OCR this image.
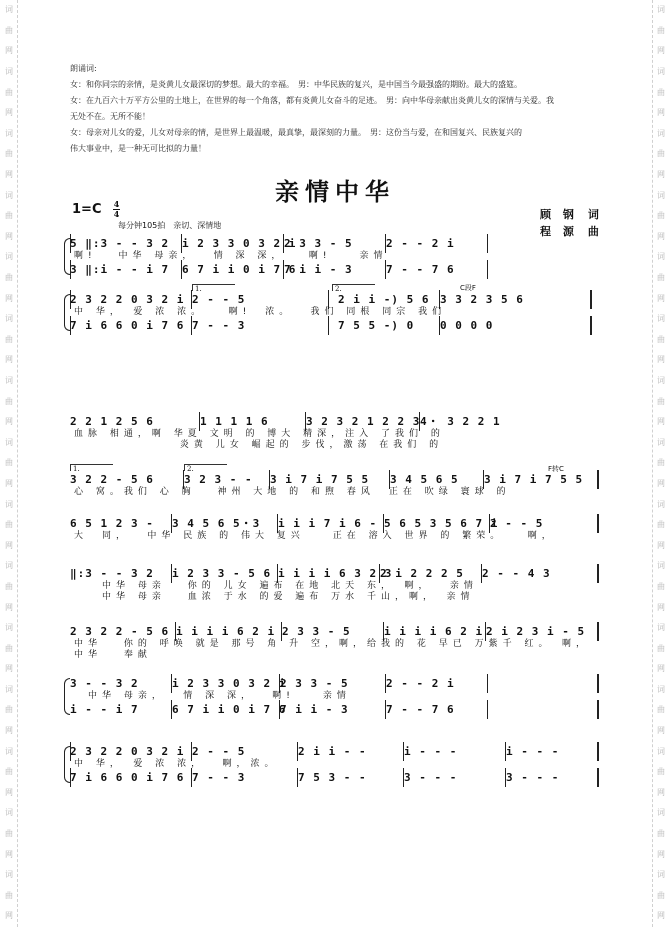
词
曲
网
词
曲
网
词
曲
网
词
曲
网
词
曲
网
词
曲
网
词
曲
网
词
曲
网
词
曲
网
词
曲
网
词
曲
网
词
曲
网
词
曲
网
词
曲
网
词
曲
网
词
曲
网
词
曲
网
词
曲
网
词
曲
网
词
曲
网
词
曲
网
词
曲
网
词
曲
网
词
曲
网
词
曲
网
词
曲
网
词
曲
网
词
曲
网
词
曲
网
词
曲
网

朗诵词:

女：和你同宗的亲情，是炎黄儿女最深切的梦想。最大的幸福。　男：中华民族的复兴，是中国当今最强盛的期盼。最大的盛筵。

女：在九百六十万平方公里的土地上，在世界的每一个角落，都有炎黄儿女奋斗的足迹。　男：向中华母亲献出炎黄儿女的深情与关爱。我

无处不在。无所不能！

女：母亲对儿女的爱，儿女对母亲的情，是世界上最温暖，最真挚，最深刻的力量。　男：这份当与爱，在和国复兴、民族复兴的

伟大事业中，是一种无可比拟的力量！

亲情中华
1=C 4
4	顾 钢 词
程 源 曲
每分钟105拍　亲切、深情地
5 ‖:3 - - 3 2	i 2 3 3 0 3 2 i
2 3 3 - 5	2 - - 2 i
啊!　 中华 母亲，　 情 深 深，　　啊!　　亲情
3 ‖:i - - i 7	6 7 i i 0 i 7 6
7 i i - 3	7 - - 7 6
2 3 2 2 0 3 2 i 2 - - 5	2 i i -) 5 6 3 3 2 3 5 6
1.	2.	C段F
中 华，　爱 浓 浓。　　啊!　浓。　 我们 同根 同宗 我们
7 i 6 6 0 i 7 6 7 - - 3	7 5 5 -) 0	0 0 0 0
2 2 1 2 5 6	1 1 1 1 6	3 2 3 2 1 2 2 3 4・ 3 2 2 1
血脉 相通，啊 华夏 文明 的 博大 精深，注入 了我们 的
　　　　　　　 炎黄 儿女 崛起的 步伐，激荡 在我们 的
3 2 2 - 5 6	3 2 3 - -	3 i 7 i 7 5 5	3 4 5 6 5	3 i 7 i 7 5 5
1.	2.	F转C
心 窝。我们 心 胸　 神州 大地 的 和煦 春风　正在 吹绿 寰球 的
6 5 1 2 3 -	3 4 5 6 5・3	i i i 7 i 6 - 5 6 5 3 5 6 7 i
2 - - 5
大　同，　 中华 民族 的 伟大 复兴　　正在 溶入 世界 的 繁荣。　　啊，
‖:3 - - 3 2	i 2 3 3 - 5 6 i i i i 6 3 2 3
2 i 2 2 2 5	2 - - 4 3
　　中华 母亲　 你的 儿女 遍布 在地 北天 东，　啊，　 亲情
　　中华 母亲　 血浓 于水 的爱 遍布 万水 千山，啊，　亲情
2 3 2 2 - 5 6 i i i i 6 2 i 2 3 3 - 5	i i i i 6 2 i 2 i 2 3 i - 5
中华　 你的 呼唤 就是 那号 角 升 空，啊，给我的 花 早已 万紫千 红。　啊，
中华　 奉献
3 - - 3 2	i 2 3 3 0 3 2 i
2 3 3 - 5	2 - - 2 i
　中华 母亲，　 情 深 深，　 啊!　　亲情
i - - i 7	6 7 i i 0 i 7 6
7 i i - 3	7 - - 7 6
2 3 2 2 0 3 2 i 2 - - 5	2 i i - -	i - - -	i - - -
中 华，　爱 浓 浓，　 啊，浓。
7 i 6 6 0 i 7 6 7 - - 3	7 5 3 - -	3 - - -	3 - - -
